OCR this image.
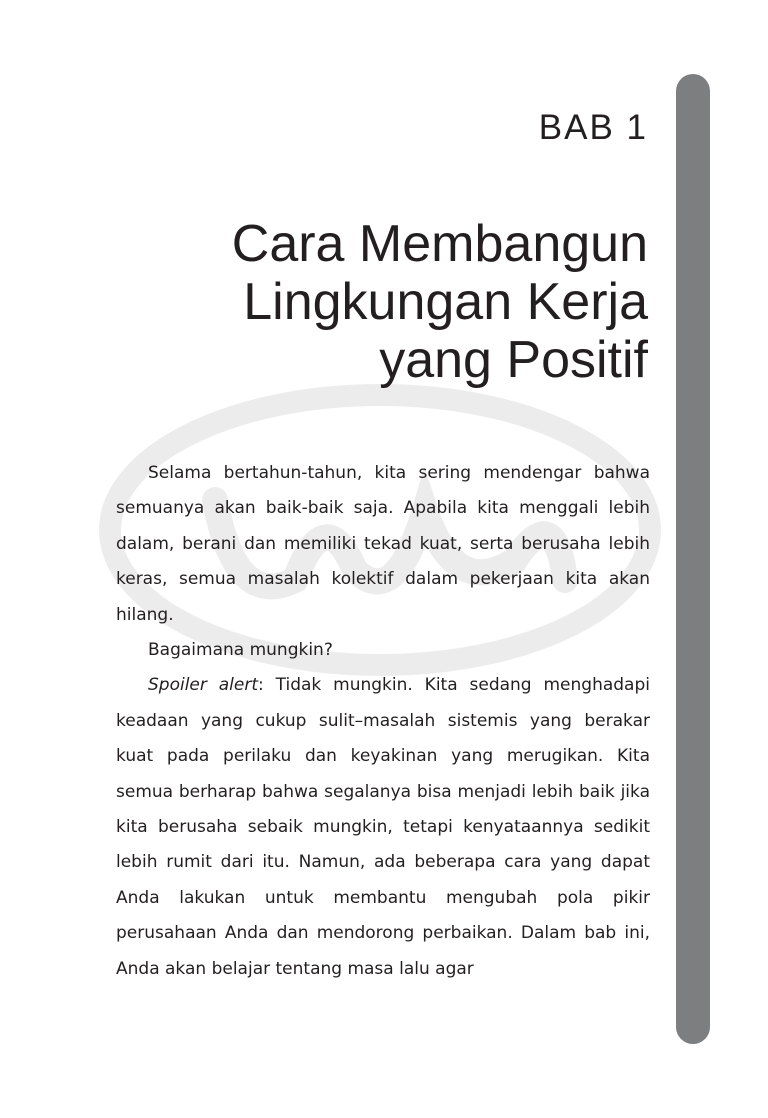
BAB 1
Cara Membangun
Lingkungan Kerja
yang Positif

Selama bertahun-tahun, kita sering mendengar bahwa semuanya akan baik-baik saja. Apabila kita menggali lebih dalam, berani dan memiliki tekad kuat, serta berusaha lebih keras, semua masalah kolektif dalam pekerjaan kita akan hilang.

Bagaimana mungkin?

Spoiler alert: Tidak mungkin. Kita sedang menghadapi keadaan yang cukup sulit–masalah sistemis yang berakar kuat pada perilaku dan keyakinan yang merugikan. Kita semua berharap bahwa segalanya bisa menjadi lebih baik jika kita berusaha sebaik mungkin, tetapi kenyataannya sedikit lebih rumit dari itu. Namun, ada beberapa cara yang dapat Anda lakukan untuk membantu mengubah pola pikir perusahaan Anda dan mendorong perbaikan. Dalam bab ini, Anda akan belajar tentang masa lalu agar
